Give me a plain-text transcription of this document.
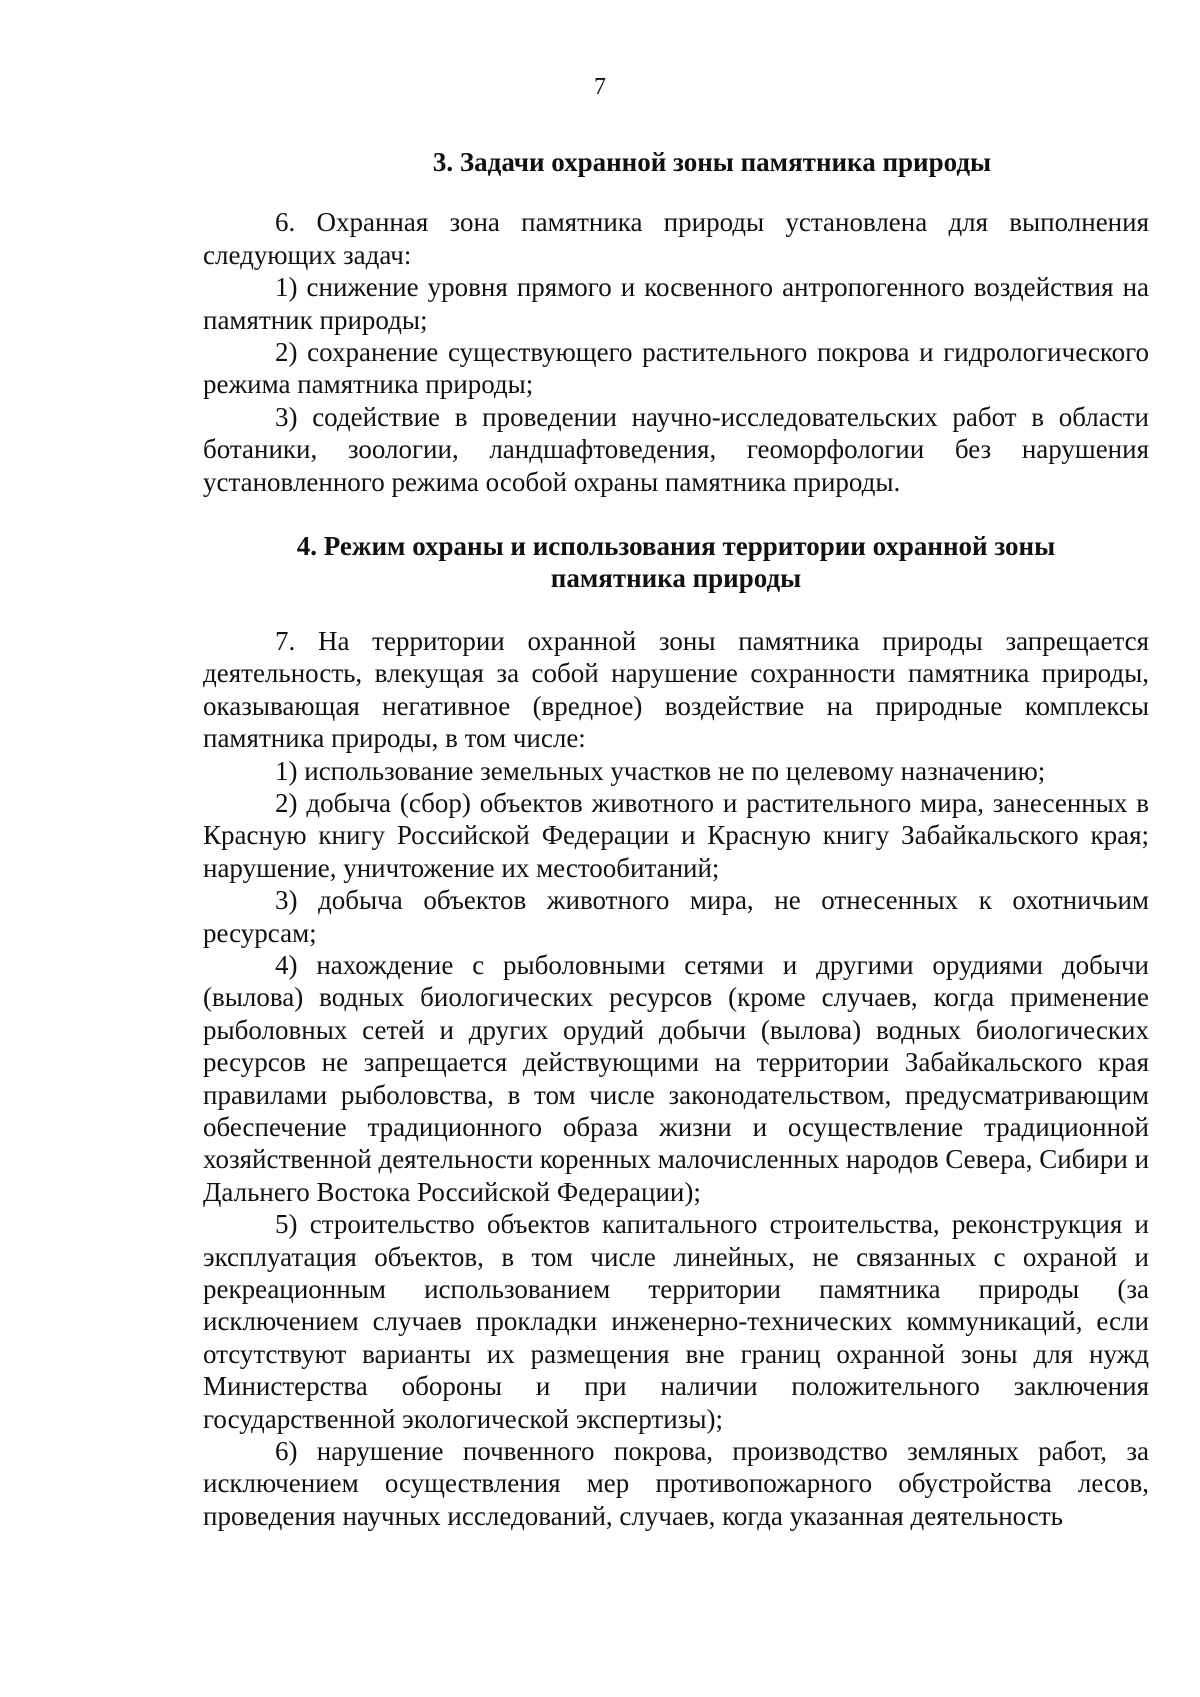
7
3. Задачи охранной зоны памятника природы

6. Охранная зона памятника природы установлена для выполнения следующих задач:

1) снижение уровня прямого и косвенного антропогенного воздействия на памятник природы;

2) сохранение существующего растительного покрова и гидрологического режима памятника природы;

3) содействие в проведении научно-исследовательских работ в области ботаники, зоологии, ландшафтоведения, геоморфологии без нарушения установленного режима особой охраны памятника природы.

4. Режим охраны и использования территории охранной зоны
памятника природы

7. На территории охранной зоны памятника природы запрещается деятельность, влекущая за собой нарушение сохранности памятника природы, оказывающая негативное (вредное) воздействие на природные комплексы памятника природы, в том числе:

1) использование земельных участков не по целевому назначению;

2) добыча (сбор) объектов животного и растительного мира, занесенных в Красную книгу Российской Федерации и Красную книгу Забайкальского края; нарушение, уничтожение их местообитаний;

3) добыча объектов животного мира, не отнесенных к охотничьим ресурсам;

4) нахождение с рыболовными сетями и другими орудиями добычи (вылова) водных биологических ресурсов (кроме случаев, когда применение рыболовных сетей и других орудий добычи (вылова) водных биологических ресурсов не запрещается действующими на территории Забайкальского края правилами рыболовства, в том числе законодательством, предусматривающим обеспечение традиционного образа жизни и осуществление традиционной хозяйственной деятельности коренных малочисленных народов Севера, Сибири и Дальнего Востока Российской Федерации);

5) строительство объектов капитального строительства, реконструкция и эксплуатация объектов, в том числе линейных, не связанных с охраной и рекреационным использованием территории памятника природы (за исключением случаев прокладки инженерно-технических коммуникаций, если отсутствуют варианты их размещения вне границ охранной зоны для нужд Министерства обороны и при наличии положительного заключения государственной экологической экспертизы);

6) нарушение почвенного покрова, производство земляных работ, за исключением осуществления мер противопожарного обустройства лесов, проведения научных исследований, случаев, когда указанная деятельность
